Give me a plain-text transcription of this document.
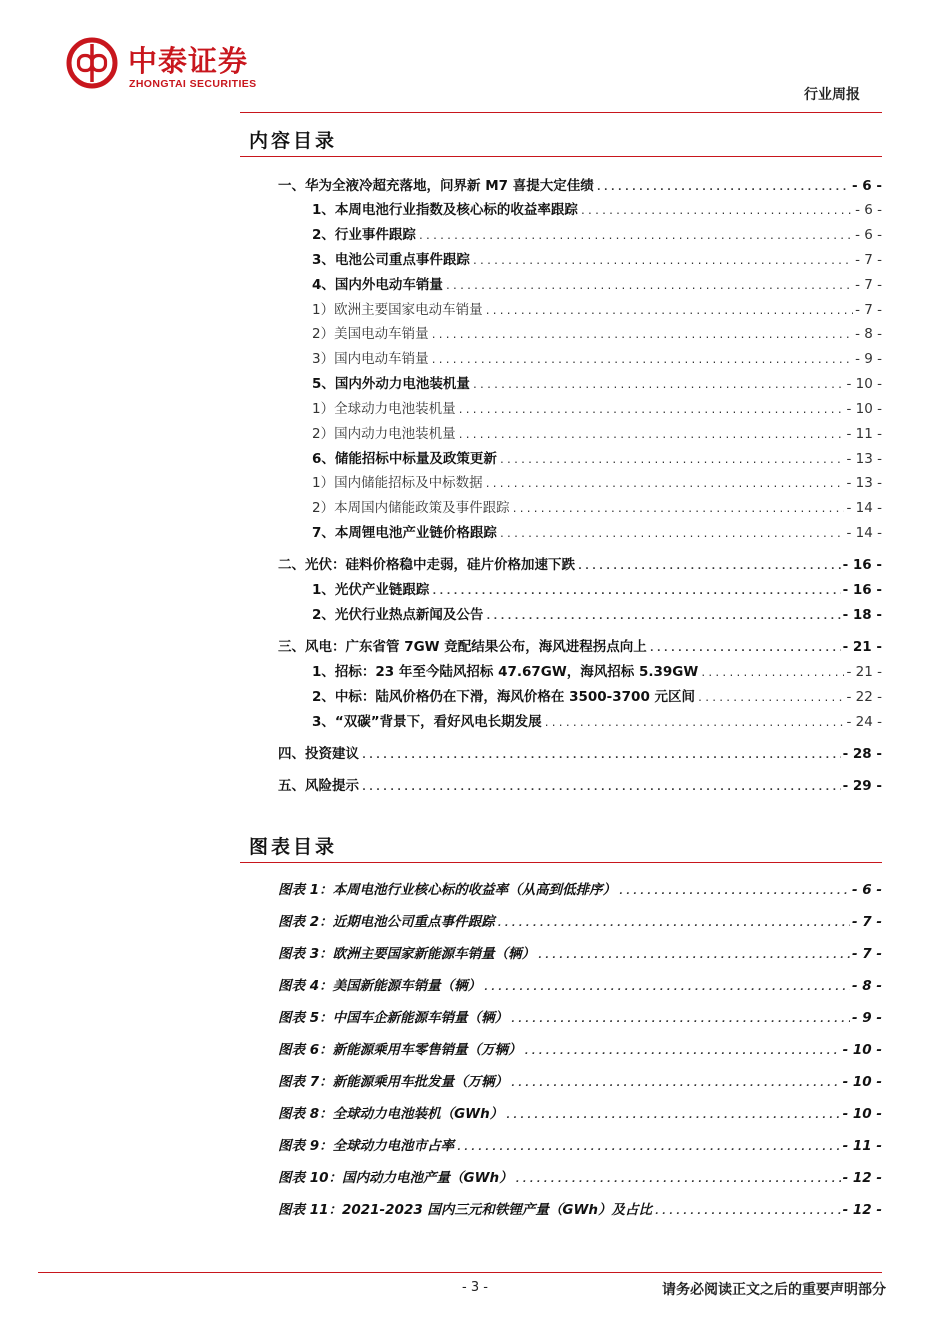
中泰证券
ZHONGTAI SECURITIES
行业周报
内容目录
一、华为全液冷超充落地，问界新 M7 喜提大定佳绩 .....	- 6 -
1、本周电池行业指数及核心标的收益率跟踪 .....	- 6 -
2、行业事件跟踪 .....	- 6 -
3、电池公司重点事件跟踪 .....	- 7 -
4、国内外电动车销量 .....	- 7 -
1）欧洲主要国家电动车销量 .....	- 7 -
2）美国电动车销量 .....	- 8 -
3）国内电动车销量 .....	- 9 -
5、国内外动力电池装机量 .....	- 10 -
1）全球动力电池装机量 .....	- 10 -
2）国内动力电池装机量 .....	- 11 -
6、储能招标中标量及政策更新 .....	- 13 -
1）国内储能招标及中标数据 .....	- 13 -
2）本周国内储能政策及事件跟踪 .....	- 14 -
7、本周锂电池产业链价格跟踪 .....	- 14 -
二、光伏：硅料价格稳中走弱，硅片价格加速下跌 .....	- 16 -
1、光伏产业链跟踪 .....	- 16 -
2、光伏行业热点新闻及公告 .....	- 18 -
三、风电：广东省管 7GW 竞配结果公布，海风进程拐点向上 .....	- 21 -
1、招标：23 年至今陆风招标 47.67GW，海风招标 5.39GW .....	- 21 -
2、中标：陆风价格仍在下滑，海风价格在 3500-3700 元区间 .....	- 22 -
3、“双碳”背景下，看好风电长期发展 .....	- 24 -
四、投资建议 .....	- 28 -
五、风险提示 .....	- 29 -
图表目录
图表 1：本周电池行业核心标的收益率（从高到低排序） .....	- 6 -
图表 2：近期电池公司重点事件跟踪 .....	- 7 -
图表 3：欧洲主要国家新能源车销量（辆） .....	- 7 -
图表 4：美国新能源车销量（辆） .....	- 8 -
图表 5：中国车企新能源车销量（辆） .....	- 9 -
图表 6：新能源乘用车零售销量（万辆） .....	- 10 -
图表 7：新能源乘用车批发量（万辆） .....	- 10 -
图表 8：全球动力电池装机（GWh） .....	- 10 -
图表 9：全球动力电池市占率 .....	- 11 -
图表 10：国内动力电池产量（GWh） .....	- 12 -
图表 11：2021-2023 国内三元和铁锂产量（GWh）及占比 .....	- 12 -
- 3 -	请务必阅读正文之后的重要声明部分
